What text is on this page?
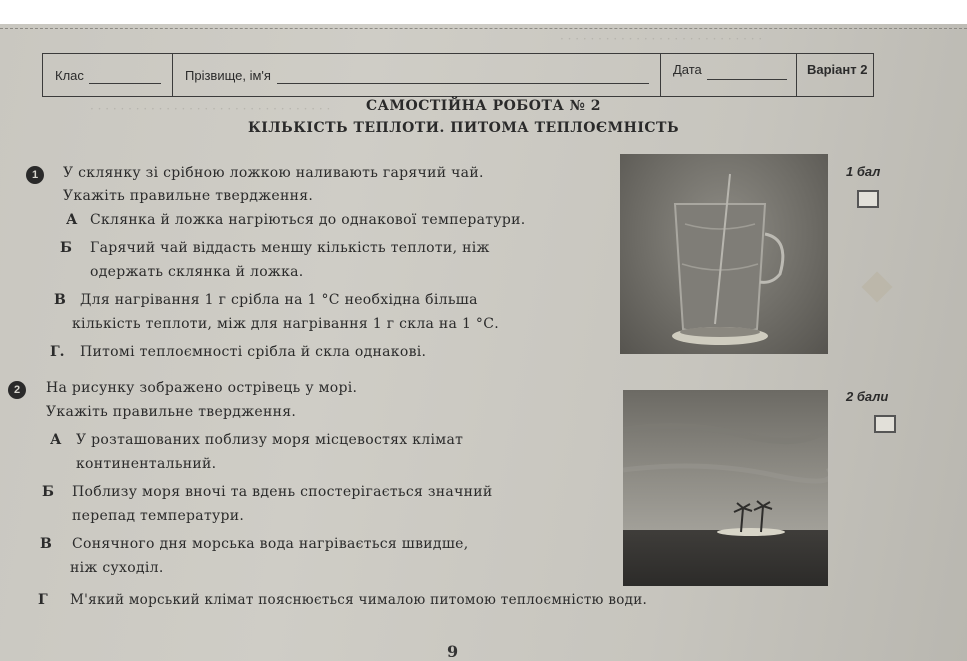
· · · · · · · · · · · · · · · · · · · · · · · · · · ·
· · · · · · · · · · · · · · · · · · · · · · · · · · · · · · · ·
Клас	Прізвище, ім'я	Дата	Варіант 2
САМОСТІЙНА РОБОТА № 2
КІЛЬКІСТЬ ТЕПЛОТИ. ПИТОМА ТЕПЛОЄМНІСТЬ
1	У склянку зі срібною ложкою наливають гарячий чай.
Укажіть правильне твердження.
А Склянка й ложка нагріються до однакової температури.
Б Гарячий чай віддасть меншу кількість теплоти, ніж
одержать склянка й ложка.
В Для нагрівання 1 г срібла на 1 °С необхідна більша
кількість теплоти, між для нагрівання 1 г скла на 1 °С.
Г. Питомі теплоємності срібла й скла однакові.
1 бал
2	На рисунку зображено острівець у морі.
Укажіть правильне твердження.
А У розташованих поблизу моря місцевостях клімат
континентальний.
Б Поблизу моря вночі та вдень спостерігається значний
перепад температури.
В Сонячного дня морська вода нагрівається швидше,
ніж суходіл.
Г М'який морський клімат пояснюється чималою питомою теплоємністю води.
2 бали
9
